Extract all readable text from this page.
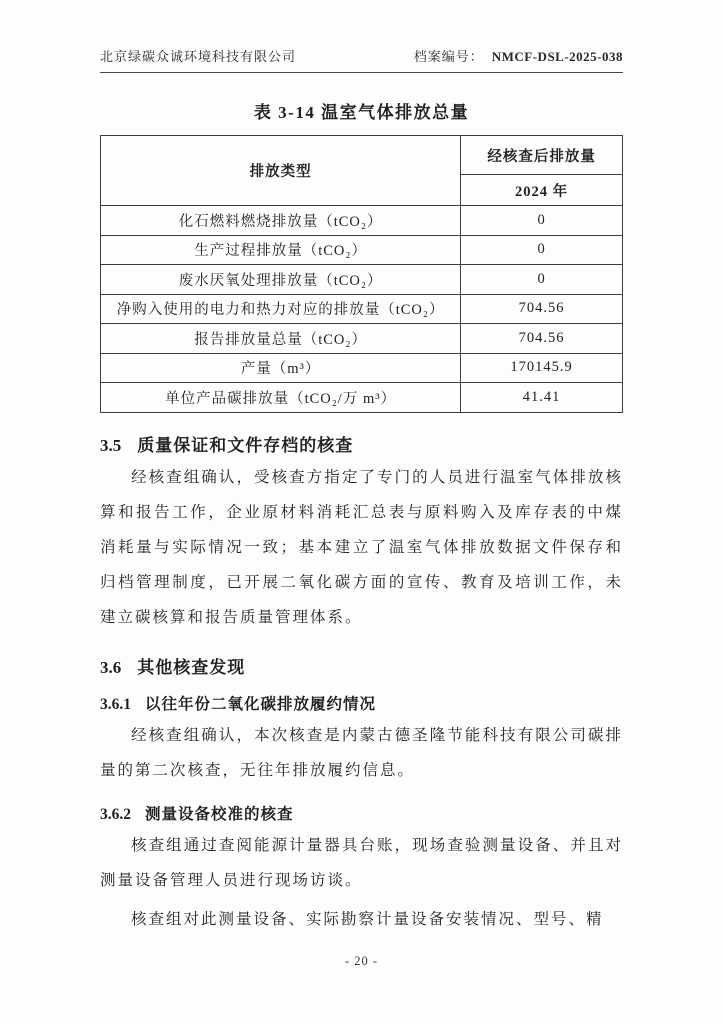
北京绿碳众诚环境科技有限公司	档案编号： NMCF-DSL-2025-038
表 3-14 温室气体排放总量
排放类型	经核查后排放量
	2024 年
化石燃料燃烧排放量（tCO₂）	0
生产过程排放量（tCO₂）	0
废水厌氧处理排放量（tCO₂）	0
净购入使用的电力和热力对应的排放量（tCO₂）	704.56
报告排放量总量（tCO₂）	704.56
产量（m³）	170145.9
单位产品碳排放量（tCO₂/万 m³）	41.41
3.5 质量保证和文件存档的核查

经核查组确认，受核查方指定了专门的人员进行温室气体排放核算和报告工作，企业原材料消耗汇总表与原料购入及库存表的中煤消耗量与实际情况一致；基本建立了温室气体排放数据文件保存和归档管理制度，已开展二氧化碳方面的宣传、教育及培训工作，未建立碳核算和报告质量管理体系。

3.6 其他核查发现
3.6.1 以往年份二氧化碳排放履约情况

经核查组确认，本次核查是内蒙古德圣隆节能科技有限公司碳排量的第二次核查，无往年排放履约信息。

3.6.2 测量设备校准的核查

核查组通过查阅能源计量器具台账，现场查验测量设备、并且对测量设备管理人员进行现场访谈。

核查组对此测量设备、实际勘察计量设备安装情况、型号、精

- 20 -
